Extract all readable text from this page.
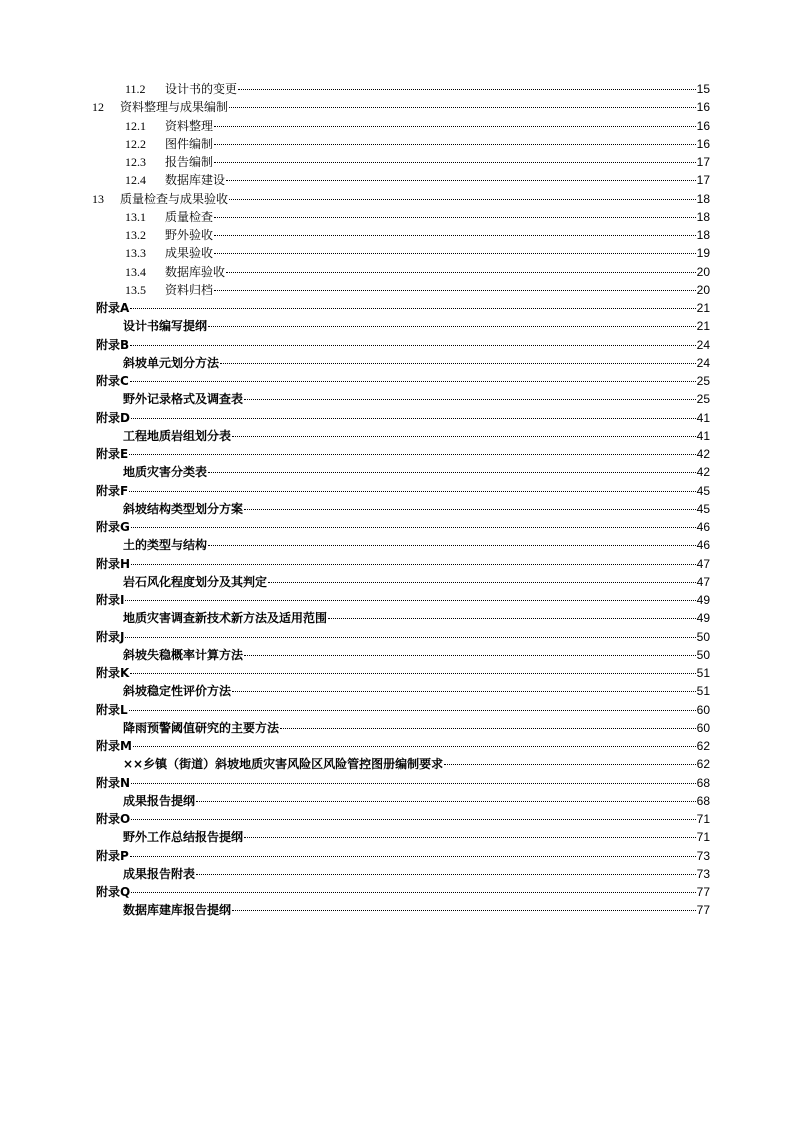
11.2 设计书的变更	15
12 资料整理与成果编制	16
12.1 资料整理	16
12.2 图件编制	16
12.3 报告编制	17
12.4 数据库建设	17
13 质量检查与成果验收	18
13.1 质量检查	18
13.2 野外验收	18
13.3 成果验收	19
13.4 数据库验收	20
13.5 资料归档	20
附录A	21
设计书编写提纲	21
附录B	24
斜坡单元划分方法	24
附录C	25
野外记录格式及调查表	25
附录D	41
工程地质岩组划分表	41
附录E	42
地质灾害分类表	42
附录F	45
斜坡结构类型划分方案	45
附录G	46
土的类型与结构	46
附录H	47
岩石风化程度划分及其判定	47
附录I	49
地质灾害调查新技术新方法及适用范围	49
附录J	50
斜坡失稳概率计算方法	50
附录K	51
斜坡稳定性评价方法	51
附录L	60
降雨预警阈值研究的主要方法	60
附录M	62
××乡镇（街道）斜坡地质灾害风险区风险管控图册编制要求	62
附录N	68
成果报告提纲	68
附录O	71
野外工作总结报告提纲	71
附录P	73
成果报告附表	73
附录Q	77
数据库建库报告提纲	77
